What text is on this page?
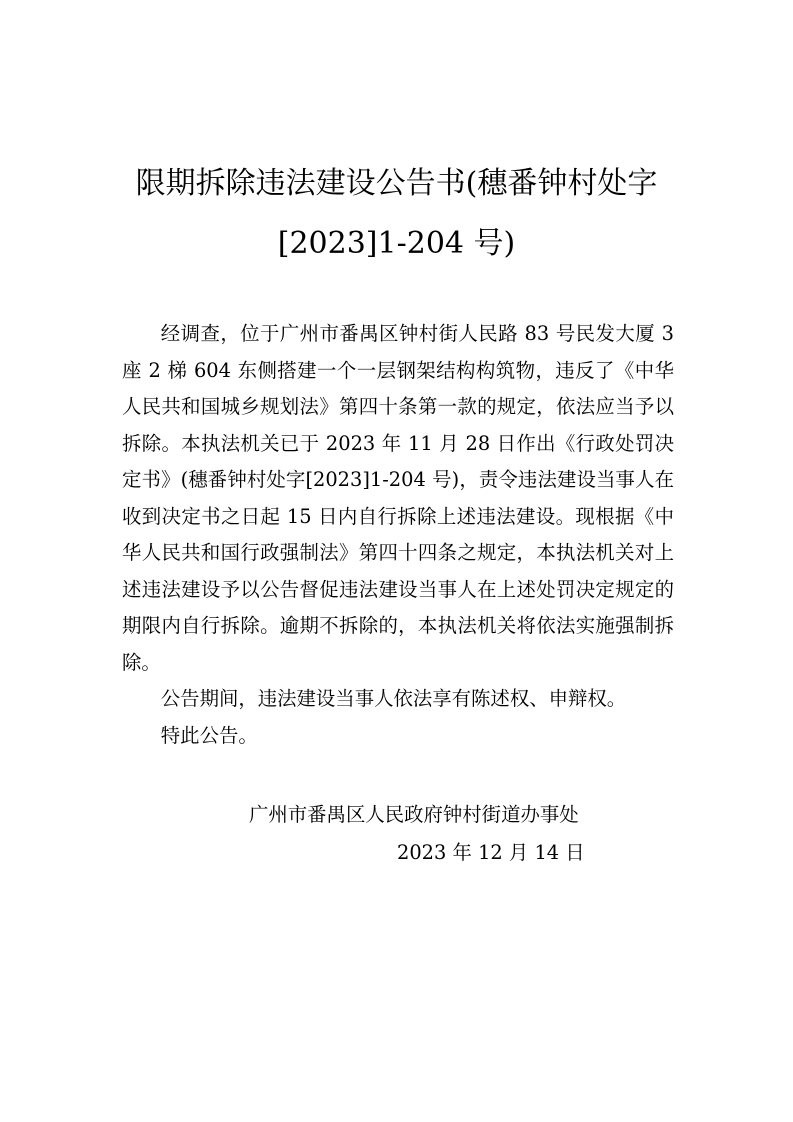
限期拆除违法建设公告书(穗番钟村处字
[2023]1-204 号)

经调查，位于广州市番禺区钟村街人民路 83 号民发大厦 3 座 2 梯 604 东侧搭建一个一层钢架结构构筑物，违反了《中华人民共和国城乡规划法》第四十条第一款的规定，依法应当予以拆除。本执法机关已于 2023 年 11 月 28 日作出《行政处罚决定书》(穗番钟村处字[2023]1-204 号)，责令违法建设当事人在收到决定书之日起 15 日内自行拆除上述违法建设。现根据《中华人民共和国行政强制法》第四十四条之规定，本执法机关对上述违法建设予以公告督促违法建设当事人在上述处罚决定规定的期限内自行拆除。逾期不拆除的，本执法机关将依法实施强制拆除。

公告期间，违法建设当事人依法享有陈述权、申辩权。

特此公告。

广州市番禺区人民政府钟村街道办事处
2023 年 12 月 14 日
